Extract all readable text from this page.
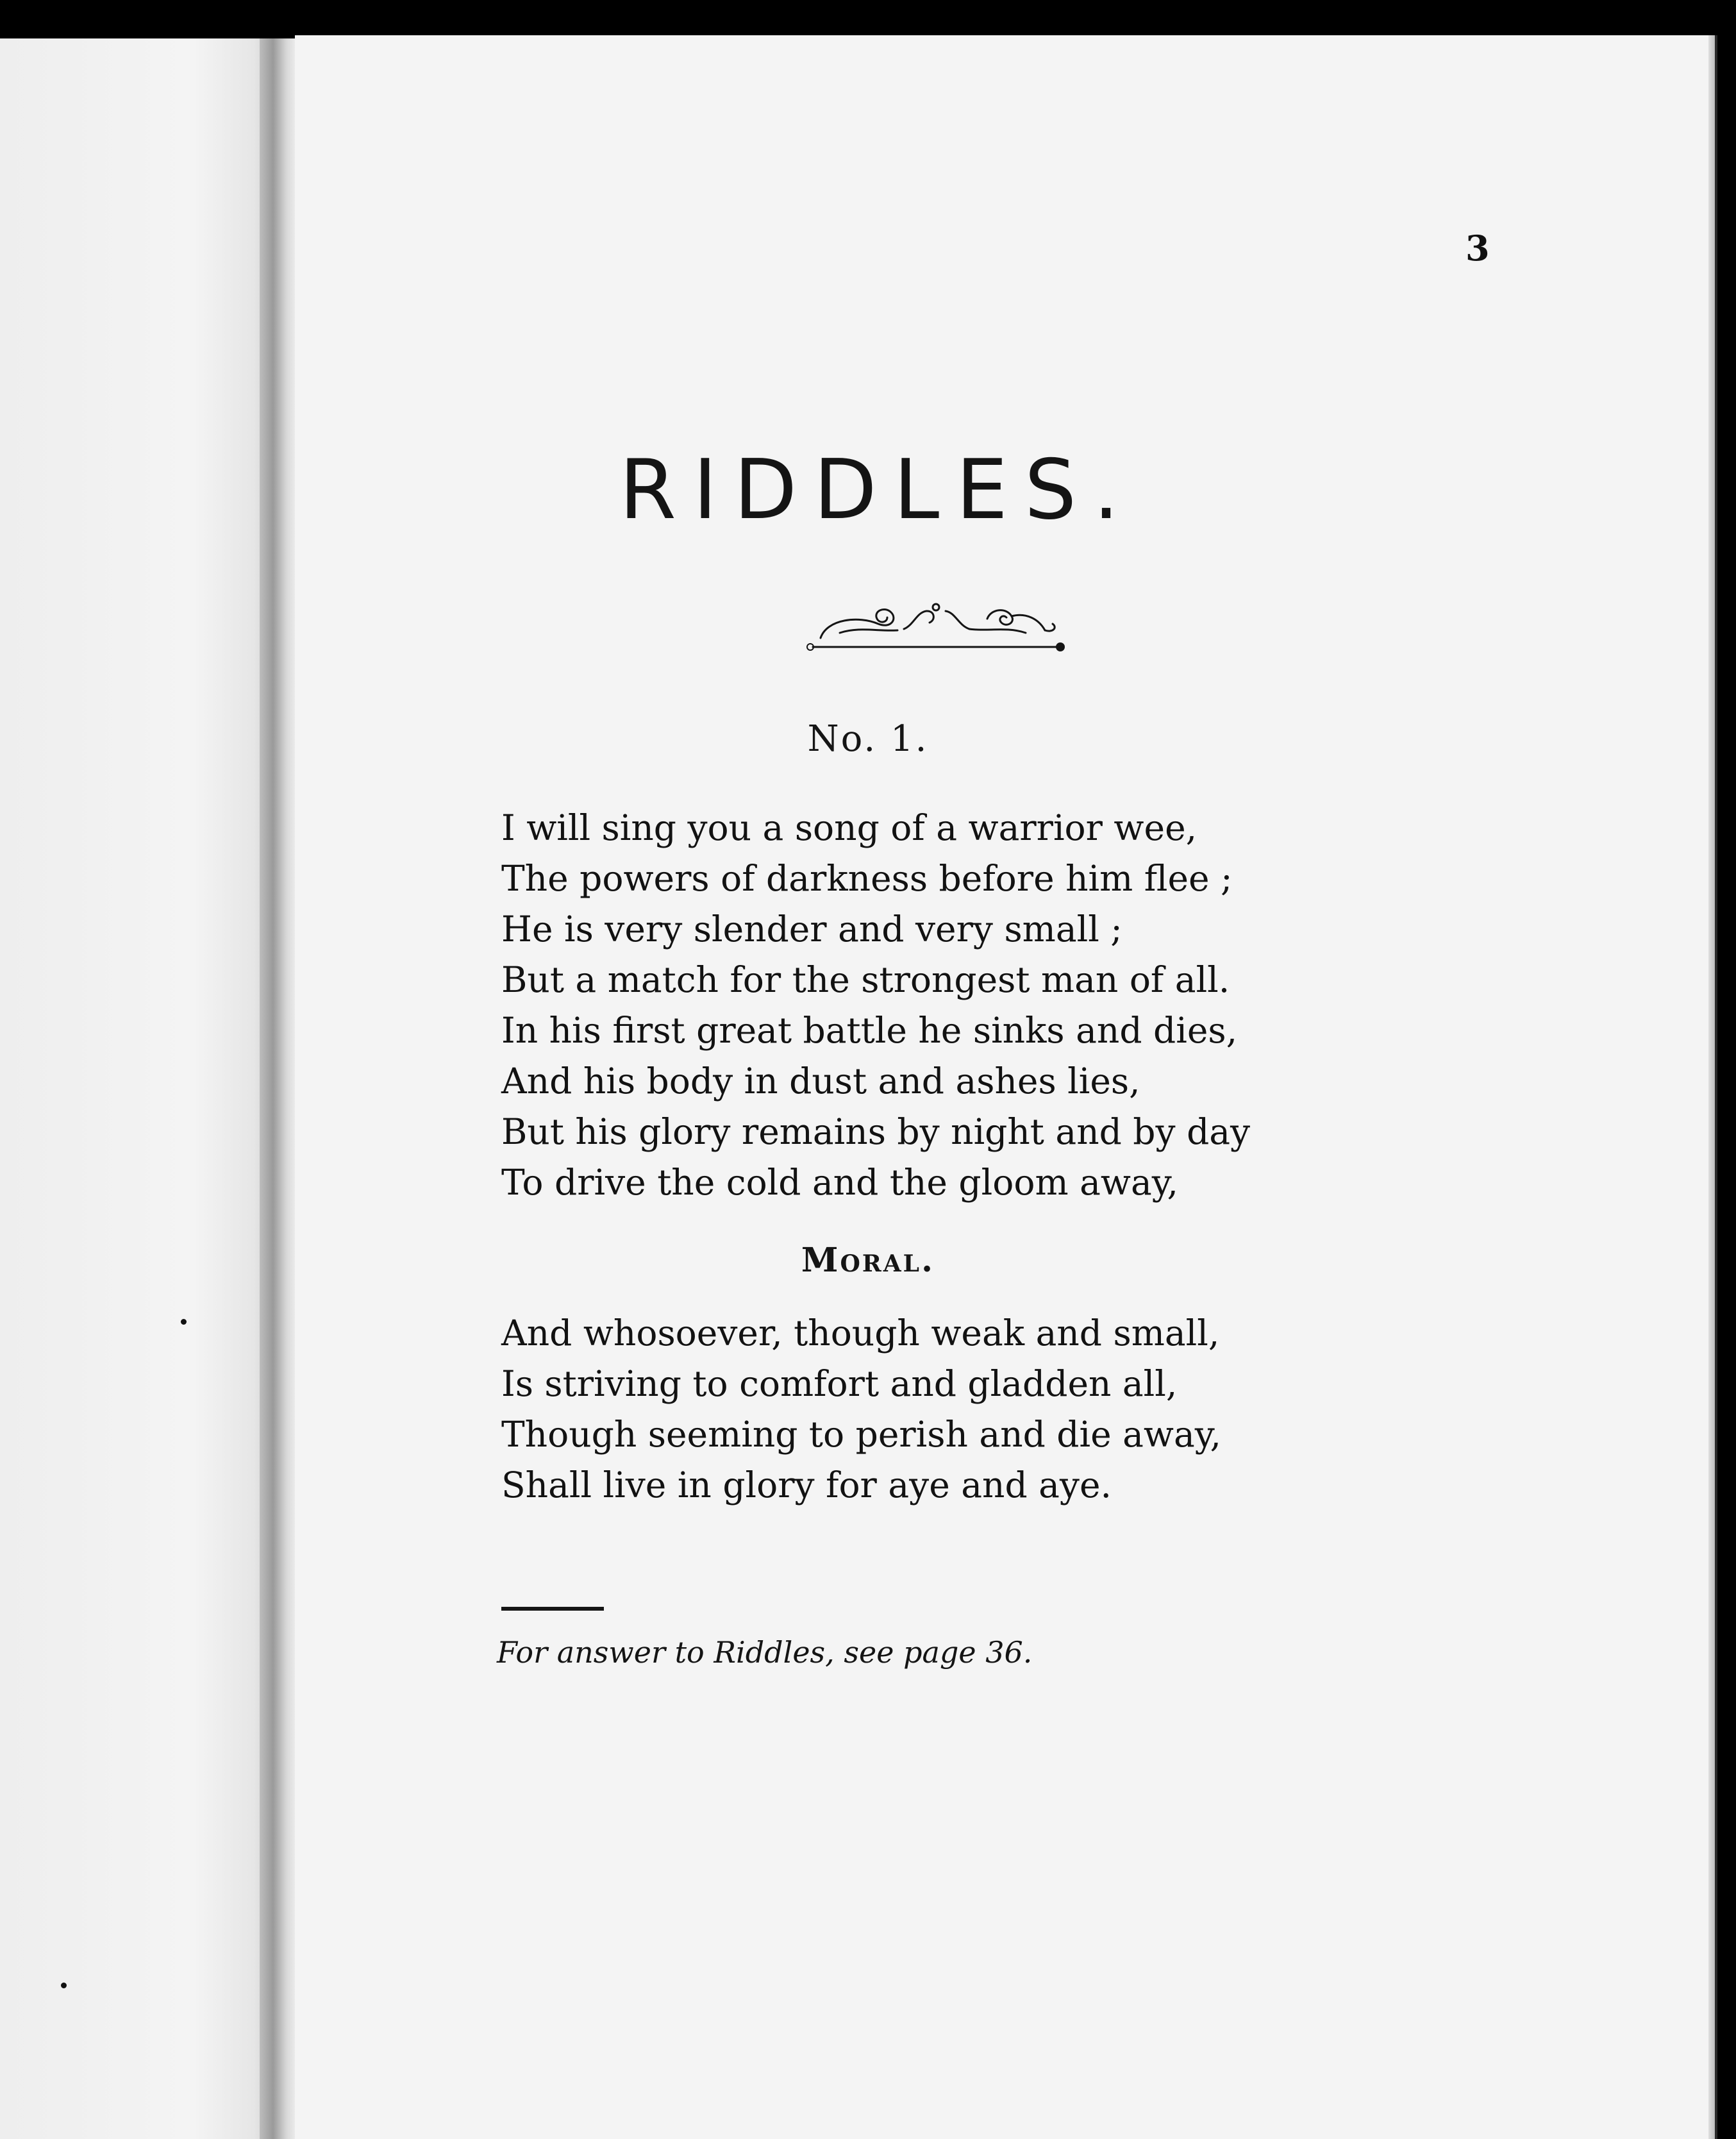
3
RIDDLES.
No. 1.
I will sing you a song of a warrior wee,
The powers of darkness before him flee ;
He is very slender and very small ;
But a match for the strongest man of all.
In his first great battle he sinks and dies,
And his body in dust and ashes lies,
But his glory remains by night and by day
To drive the cold and the gloom away,
Moral.
And whosoever, though weak and small,
Is striving to comfort and gladden all,
Though seeming to perish and die away,
Shall live in glory for aye and aye.
For answer to Riddles, see page 36.
